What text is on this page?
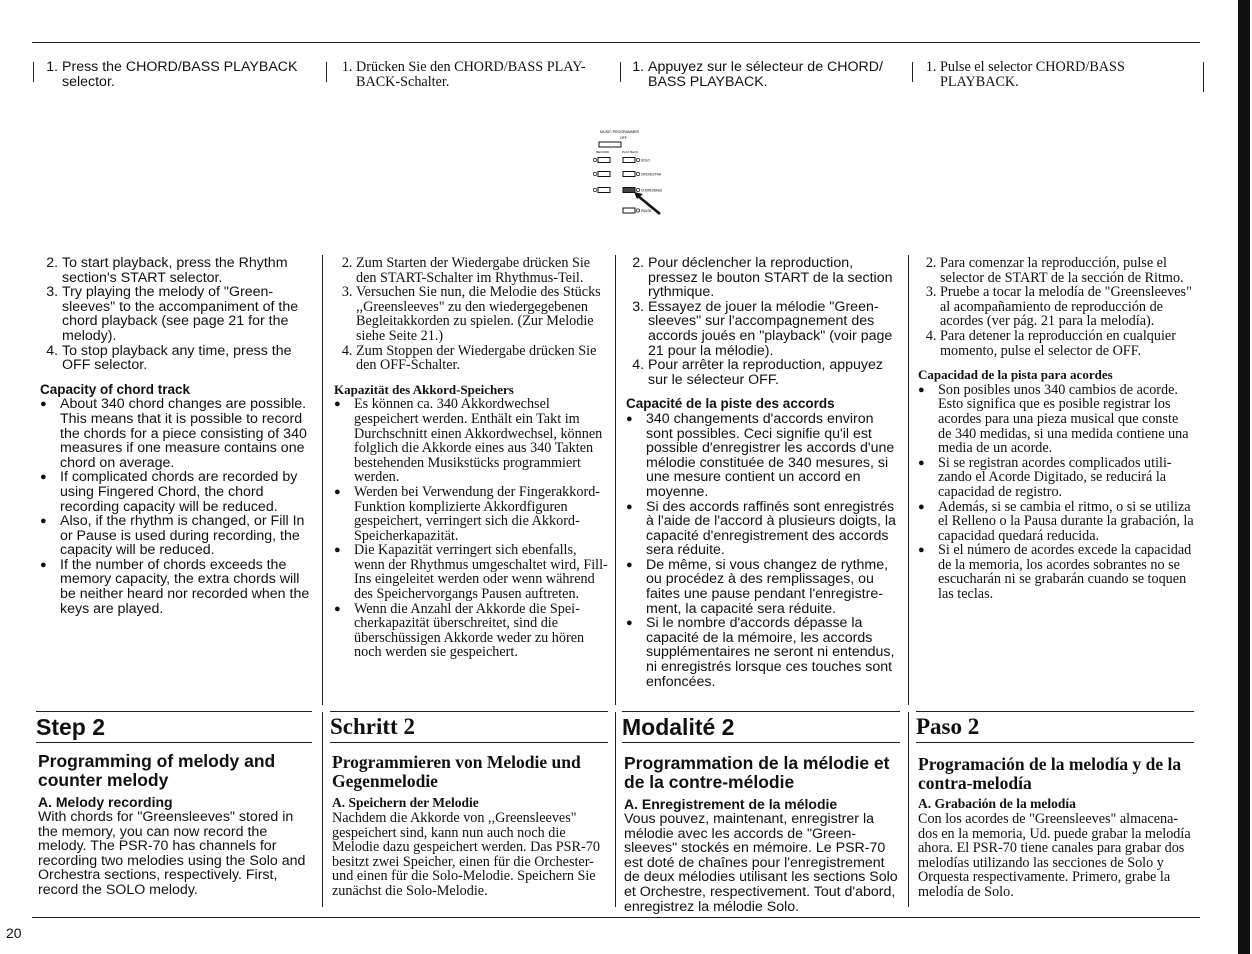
20
1. Press the CHORD/BASS PLAYBACK selector.
1. Drücken Sie den CHORD/BASS PLAY-BACK-Schalter.
1. Appuyez sur le sélecteur de CHORD/ BASS PLAYBACK.
1. Pulse el selector CHORD/BASS PLAYBACK.
MUSIC PROGRAMMER
OFF
RECORD	PLAY BACK
SOLO
ORCHESTRA
CHORD/BASS
PAUSE
2. To start playback, press the Rhythm section's START selector.
3. Try playing the melody of "Green-sleeves" to the accompaniment of the chord playback (see page 21 for the melody).
4. To stop playback any time, press the OFF selector.
Capacity of chord track
● About 340 chord changes are possible. This means that it is possible to record the chords for a piece consisting of 340 measures if one measure contains one chord on average.
● If complicated chords are recorded by using Fingered Chord, the chord recording capacity will be reduced.
● Also, if the rhythm is changed, or Fill In or Pause is used during recording, the capacity will be reduced.
● If the number of chords exceeds the memory capacity, the extra chords will be neither heard nor recorded when the keys are played.
2. Zum Starten der Wiedergabe drücken Sie den START-Schalter im Rhythmus-Teil.
3. Versuchen Sie nun, die Melodie des Stücks ,,Greensleeves" zu den wiedergegebenen Begleitakkorden zu spielen. (Zur Melodie siehe Seite 21.)
4. Zum Stoppen der Wiedergabe drücken Sie den OFF-Schalter.
Kapazität des Akkord-Speichers
● Es können ca. 340 Akkordwechsel gespeichert werden. Enthält ein Takt im Durchschnitt einen Akkordwechsel, können folglich die Akkorde eines aus 340 Takten bestehenden Musikstücks programmiert werden.
● Werden bei Verwendung der Fingerakkord-Funktion komplizierte Akkordfiguren gespeichert, verringert sich die Akkord-Speicherkapazität.
● Die Kapazität verringert sich ebenfalls, wenn der Rhythmus umgeschaltet wird, Fill-Ins eingeleitet werden oder wenn während des Speichervorgangs Pausen auftreten.
● Wenn die Anzahl der Akkorde die Spei-cherkapazität überschreitet, sind die überschüssigen Akkorde weder zu hören noch werden sie gespeichert.
2. Pour déclencher la reproduction, pressez le bouton START de la section rythmique.
3. Essayez de jouer la mélodie "Green-sleeves" sur l'accompagnement des accords joués en "playback" (voir page 21 pour la mélodie).
4. Pour arrêter la reproduction, appuyez sur le sélecteur OFF.
Capacité de la piste des accords
● 340 changements d'accords environ sont possibles. Ceci signifie qu'il est possible d'enregistrer les accords d'une mélodie constituée de 340 mesures, si une mesure contient un accord en moyenne.
● Si des accords raffinés sont enregistrés à l'aide de l'accord à plusieurs doigts, la capacité d'enregistrement des accords sera réduite.
● De même, si vous changez de rythme, ou procédez à des remplissages, ou faites une pause pendant l'enregistre-ment, la capacité sera réduite.
● Si le nombre d'accords dépasse la capacité de la mémoire, les accords supplémentaires ne seront ni entendus, ni enregistrés lorsque ces touches sont enfoncées.
2. Para comenzar la reproducción, pulse el selector de START de la sección de Ritmo.
3. Pruebe a tocar la melodía de "Greensleeves" al acompañamiento de reproducción de acordes (ver pág. 21 para la melodía).
4. Para detener la reproducción en cualquier momento, pulse el selector de OFF.
Capacidad de la pista para acordes
● Son posibles unos 340 cambios de acorde. Esto significa que es posible registrar los acordes para una pieza musical que conste de 340 medidas, si una medida contiene una media de un acorde.
● Si se registran acordes complicados utili-zando el Acorde Digitado, se reducirá la capacidad de registro.
● Además, si se cambia el ritmo, o si se utiliza el Relleno o la Pausa durante la grabación, la capacidad quedará reducida.
● Si el número de acordes excede la capacidad de la memoria, los acordes sobrantes no se escucharán ni se grabarán cuando se toquen las teclas.
Step 2
Programming of melody and counter melody
A. Melody recording
With chords for "Greensleeves" stored in the memory, you can now record the melody. The PSR-70 has channels for recording two melodies using the Solo and Orchestra sections, respectively. First, record the SOLO melody.
Schritt 2
Programmieren von Melodie und Gegenmelodie
A. Speichern der Melodie
Nachdem die Akkorde von ,,Greensleeves" gespeichert sind, kann nun auch noch die Melodie dazu gespeichert werden. Das PSR-70 besitzt zwei Speicher, einen für die Orchester- und einen für die Solo-Melodie. Speichern Sie zunächst die Solo-Melodie.
Modalité 2
Programmation de la mélodie et de la contre-mélodie
A. Enregistrement de la mélodie
Vous pouvez, maintenant, enregistrer la mélodie avec les accords de "Green-sleeves" stockés en mémoire. Le PSR-70 est doté de chaînes pour l'enregistrement de deux mélodies utilisant les sections Solo et Orchestre, respectivement. Tout d'abord, enregistrez la mélodie Solo.
Paso 2
Programación de la melodía y de la contra-melodía
A. Grabación de la melodía
Con los acordes de "Greensleeves" almacena-dos en la memoria, Ud. puede grabar la melodía ahora. El PSR-70 tiene canales para grabar dos melodías utilizando las secciones de Solo y Orquesta respectivamente. Primero, grabe la melodía de Solo.
